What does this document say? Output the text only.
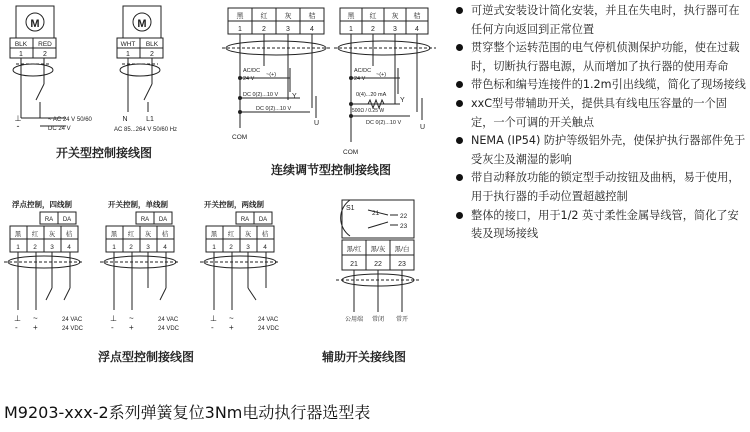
M
BLK RED
1	2
⊥
-
~ AC 24 V 50/60
DC 24 V
M
WHT BLK
1	2
N	L1
AC 85...264 V 50/60 Hz
开关型控制接线图
黑 红 灰 桔
1	2	3	4
AC/DC
24 V
~(+)
DC 0(2)...10 V Y
DC 0(2)...10 V
U
COM
黑 红 灰 桔
1	2	3	4
AC/DC
24 V
~(+)
0(4)...20 mA
Y
500Ω / 0.25 W
DC 0(2)...10 V
U
COM
连续调节型控制接线图
浮点控制，四线制	开关控制，单线制	开关控制，两线制
RA DA	RA DA	RA DA
黑 红 灰 桔
1 2 3 4
黑 红 灰 桔
1 2 3 4
黑 红 灰 桔
1 2 3 4
⊥ ~	24 VAC
- +	24 VDC
⊥ ~	24 VAC
- +	24 VDC
⊥ ~	24 VAC
- +	24 VDC
浮点型控制接线图
S1
21	22
23
黑/红 黑/灰 黑/白
21 22 23
公用端 常闭 常开
辅助开关接线图
可逆式安装设计简化安装，并且在失电时，执行器可在任何方向返回到正常位置
贯穿整个运转范围的电气停机侦测保护功能，使在过载时，切断执行器电源，从而增加了执行器的使用寿命
带色标和编号连接件的1.2m引出线缆，简化了现场接线
xxC型号带辅助开关，提供具有线电压容量的一个固定，一个可调的开关触点
NEMA (IP54) 防护等级铝外壳，使保护执行器部件免于受灰尘及潮湿的影响
带自动释放功能的锁定型手动按钮及曲柄，易于使用，用于执行器的手动位置超越控制
整体的接口，用于1/2 英寸柔性金属导线管，简化了安装及现场接线
M9203-xxx-2系列弹簧复位3Nm电动执行器选型表
